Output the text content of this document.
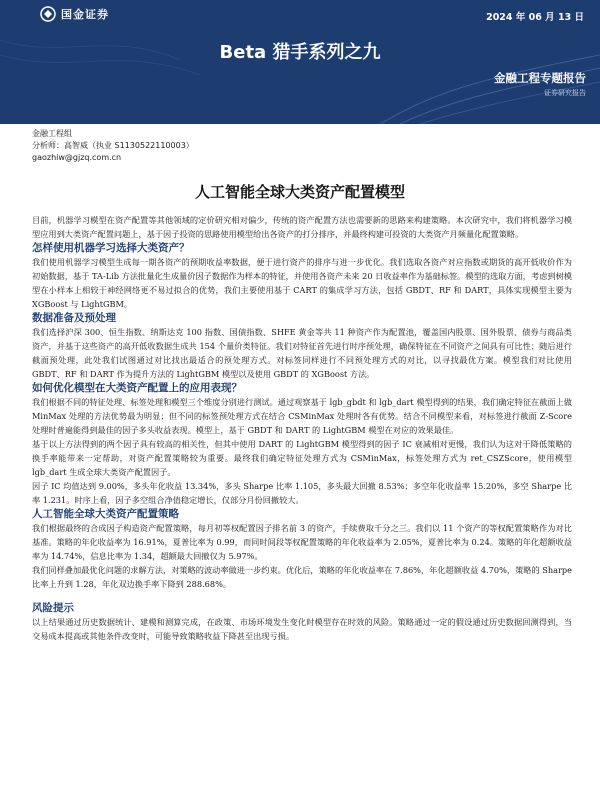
国金证券	2024 年 06 月 13 日
Beta 猎手系列之九
金融工程专题报告
证券研究报告
金融工程组
分析师：高智威（执业 S1130522110003）
gaozhiw@gjzq.com.cn
人工智能全球大类资产配置模型

目前，机器学习模型在资产配置等其他领域的定价研究相对偏少，传统的资产配置方法也需要新的思路来构建策略。本次研究中，我们将机器学习模型应用到大类资产配置问题上，基于因子投资的思路使用模型给出各资产的打分排序，并最终构建可投资的大类资产月频量化配置策略。

怎样使用机器学习选择大类资产？

我们使用机器学习模型生成每一期各资产的预期收益率数据，便于进行资产的排序与进一步优化。我们选取各资产对应指数或期货的高开低收价作为初始数据，基于 TA-Lib 方法批量化生成量价因子数据作为样本的特征，并使用各资产未来 20 日收益率作为基础标签。模型的选取方面，考虑到树模型在小样本上相较于神经网络更不易过拟合的优势，我们主要使用基于 CART 的集成学习方法，包括 GBDT、RF 和 DART，具体实现模型主要为 XGBoost 与 LightGBM。

数据准备及预处理

我们选择沪深 300、恒生指数、纳斯达克 100 指数、国债指数、SHFE 黄金等共 11 种资产作为配置池，覆盖国内股票、国外股票、债券与商品类资产，并基于这些资产的高开低收数据生成共 154 个量价类特征。我们对特征首先进行时序预处理，确保特征在不同资产之间具有可比性；随后进行截面预处理，此处我们试图通过对比找出最适合的预处理方式。对标签同样进行不同预处理方式的对比，以寻找最优方案。模型我们对比使用 GBDT、RF 和 DART 作为提升方法的 LightGBM 模型以及使用 GBDT 的 XGBoost 方法。

如何优化模型在大类资产配置上的应用表现？

我们根据不同的特征处理、标签处理和模型三个维度分别进行测试。通过观察基于 lgb_gbdt 和 lgb_dart 模型得到的结果，我们确定特征在截面上做 MinMax 处理的方法优势最为明显；但不同的标签预处理方式在结合 CSMinMax 处理时各有优势。结合不同模型来看，对标签进行截面 Z-Score 处理时普遍能得到最佳的因子多头收益表现。模型上，基于 GBDT 和 DART 的 LightGBM 模型在对应的效果最佳。

基于以上方法得到的两个因子具有较高的相关性，但其中使用 DART 的 LightGBM 模型得到的因子 IC 衰减相对更慢，我们认为这对于降低策略的换手率能带来一定帮助，对资产配置策略较为重要。最终我们确定特征处理方式为 CSMinMax，标签处理方式为 ret_CSZScore，使用模型 lgb_dart 生成全球大类资产配置因子。

因子 IC 均值达到 9.00%，多头年化收益 13.34%，多头 Sharpe 比率 1.105，多头最大回撤 8.53%；多空年化收益率 15.20%，多空 Sharpe 比率 1.231。时序上看，因子多空组合净值稳定增长，仅部分月份回撤较大。

人工智能全球大类资产配置策略

我们根据最终的合成因子构造资产配置策略，每月初等权配置因子排名前 3 的资产，手续费取千分之三。我们以 11 个资产的等权配置策略作为对比基准。策略的年化收益率为 16.91%，夏普比率为 0.99，而同时间段等权配置策略的年化收益率为 2.05%，夏普比率为 0.24。策略的年化超额收益率为 14.74%，信息比率为 1.34，超额最大回撤仅为 5.97%。

我们同样叠加最优化问题的求解方法，对策略的波动率做进一步约束。优化后，策略的年化收益率在 7.86%，年化超额收益 4.70%，策略的 Sharpe 比率上升到 1.28，年化双边换手率下降到 288.68%。

风险提示

以上结果通过历史数据统计、建模和测算完成，在政策、市场环境发生变化时模型存在时效的风险。策略通过一定的假设通过历史数据回测得到，当交易成本提高或其他条件改变时，可能导致策略收益下降甚至出现亏损。
